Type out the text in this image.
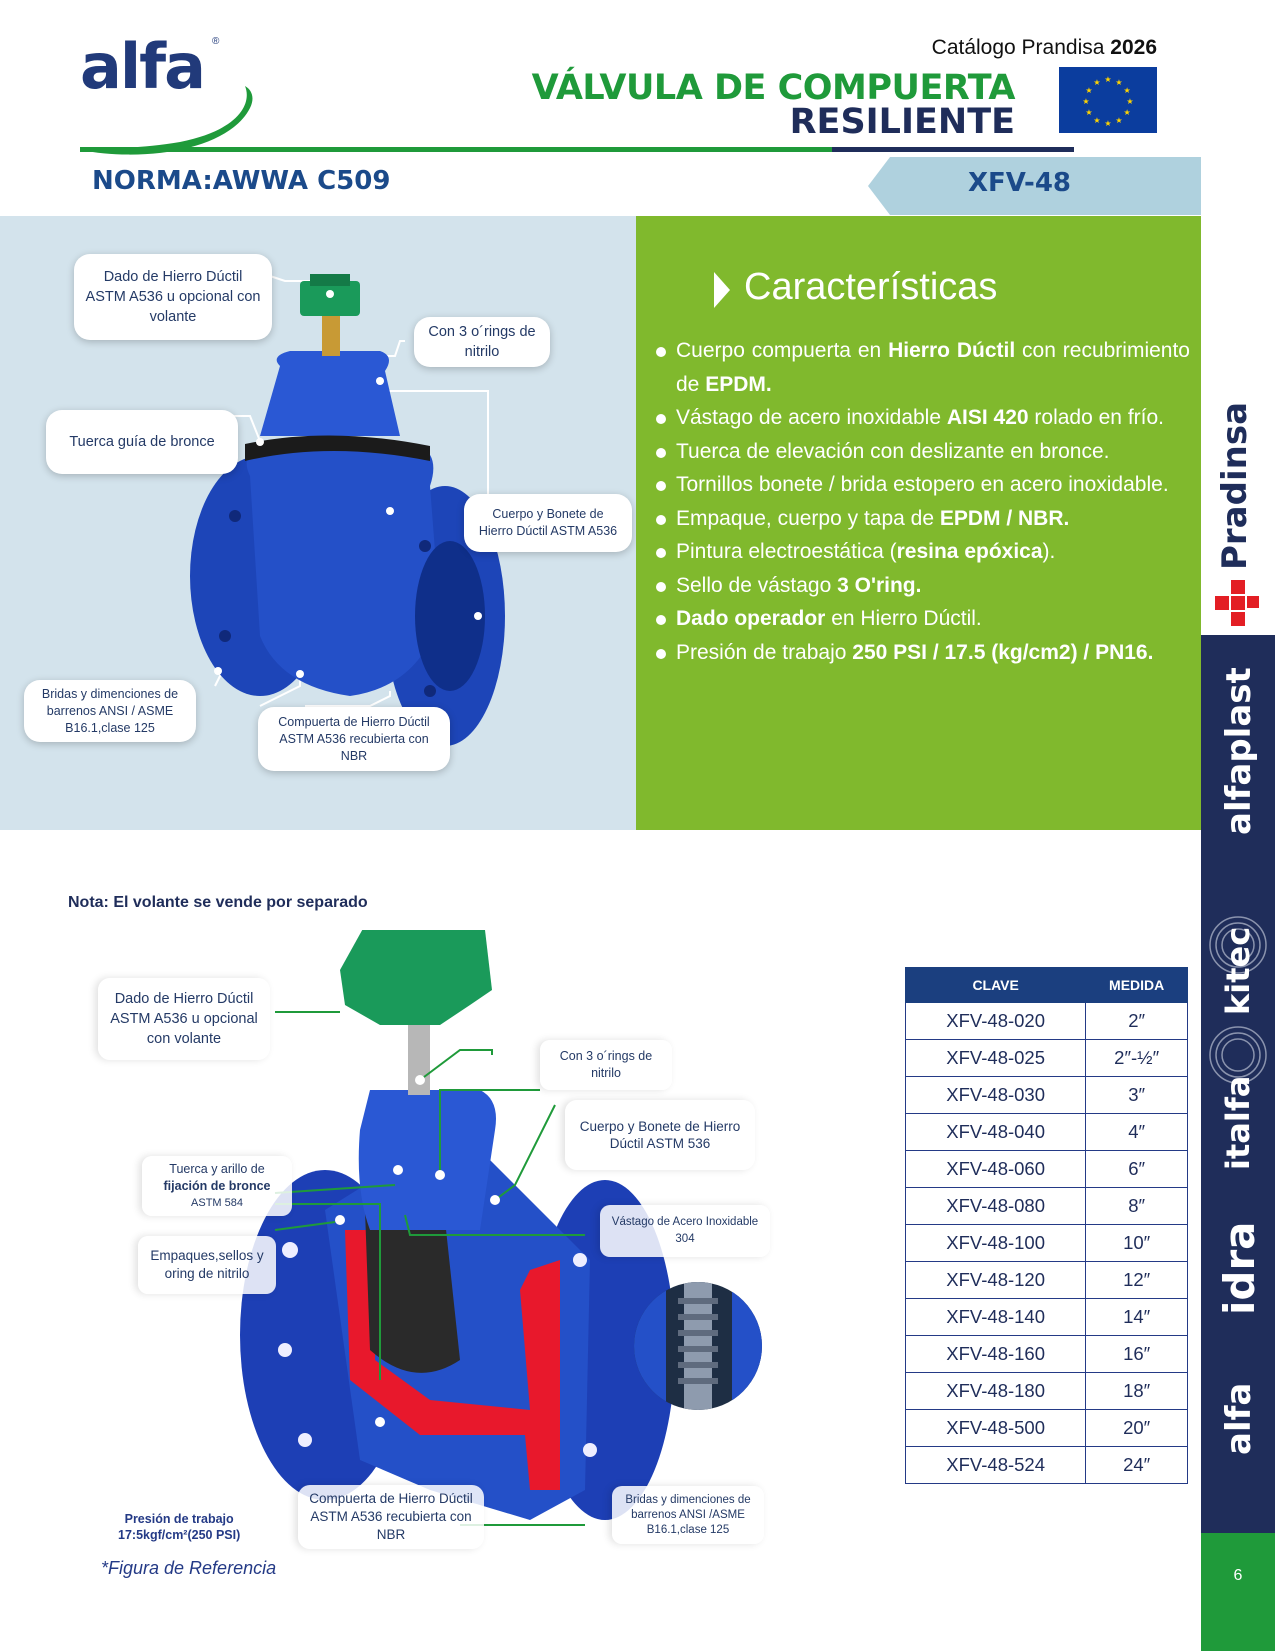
alfa ®	Catálogo Prandisa 2026
VÁLVULA DE COMPUERTA
RESILIENTE
★ ★
★
★
★
★
★
★
★
★
★
★
NORMA:AWWA C509	XFV-48
Dado de Hierro Dúctil ASTM A536 u opcional con volante
Con 3 o´rings de nitrilo
Tuerca guía de bronce
Cuerpo y Bonete de Hierro Dúctil ASTM A536
Bridas y dimenciones de barrenos ANSI / ASME B16.1,clase 125	Compuerta de Hierro Dúctil ASTM A536 recubierta con NBR
Características
Cuerpo compuerta en Hierro Dúctil con recubrimiento de EPDM.
Vástago de acero inoxidable AISI 420 rolado en frío.
Tuerca de elevación con deslizante en bronce.
Tornillos bonete / brida estopero en acero inoxidable.
Empaque, cuerpo y tapa de EPDM / NBR.
Pintura electroestática (resina epóxica).
Sello de vástago 3 O'ring.
Dado operador en Hierro Dúctil.
Presión de trabajo 250 PSI / 17.5 (kg/cm2) / PN16.
Nota: El volante se vende por separado
Dado de Hierro Dúctil ASTM A536 u opcional con volante
Con 3 o´rings de nitrilo
Cuerpo y Bonete de Hierro Dúctil ASTM 536
Tuerca y arillo de
fijación de bronce
ASTM 584
Vástago de Acero Inoxidable 304
Empaques,sellos y oring de nitrilo
Compuerta de Hierro Dúctil ASTM A536 recubierta con NBR
Bridas y dimenciones de barrenos ANSI /ASME B16.1,clase 125
Presión de trabajo
17:5kgf/cm²(250 PSI)
*Figura de Referencia
CLAVE	MEDIDA
XFV-48-020	2″
XFV-48-025	2″-½″
XFV-48-030	3″
XFV-48-040	4″
XFV-48-060	6″
XFV-48-080	8″
XFV-48-100	10″
XFV-48-120	12″
XFV-48-140	14″
XFV-48-160	16″
XFV-48-180	18″
XFV-48-500	20″
XFV-48-524	24″
Pradinsa
alfaplast
kitec
italfa
idra
alfa
6
